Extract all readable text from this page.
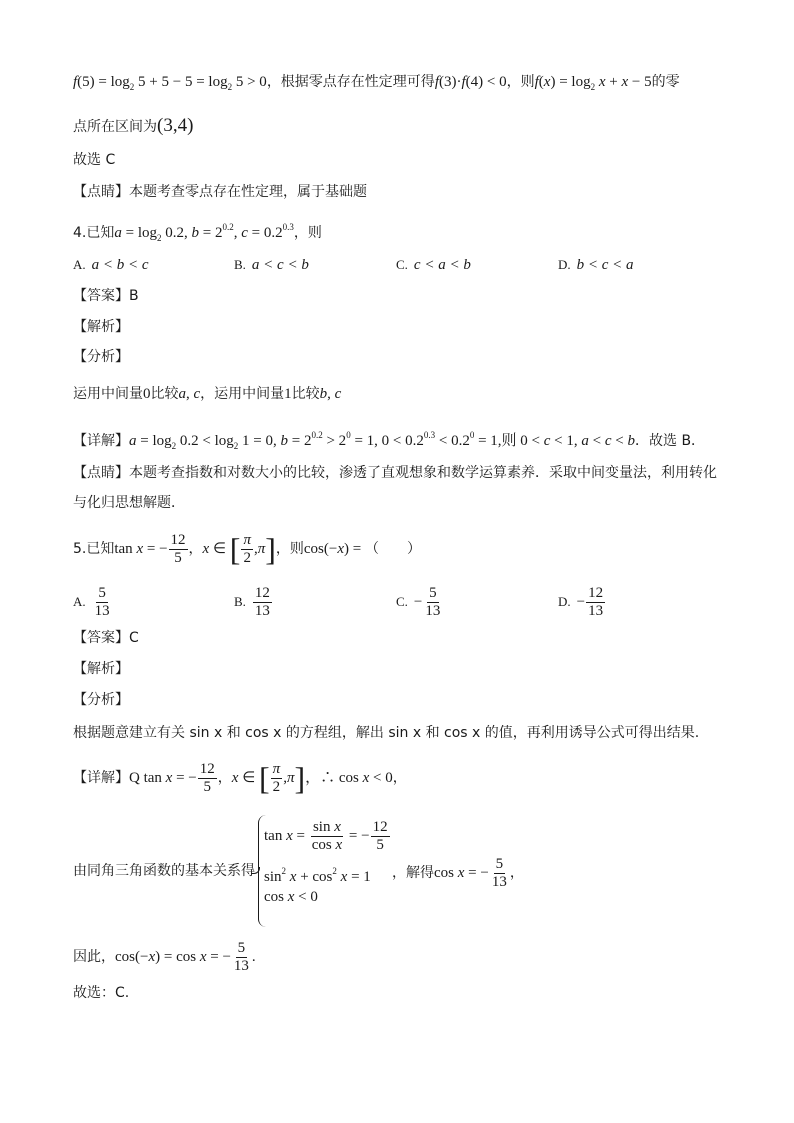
$f(5) = \log_2 5 + 5 - 5 = \log_2 5 > 0$，根据零点存在性定理可得f(3)·f(4) < 0，则$f(x) = \log_2 x + x - 5$的零
点所在区间为(3,4)
故选 C
【点睛】本题考查零点存在性定理，属于基础题
4.已知$a = \log_2 0.2$, $b = 2^{0.2}$, $c = 0.2^{0.3}$，则
A. a < b < c	B. a < c < b	C. c < a < b	D. b < c < a
【答案】B
【解析】
【分析】
运用中间量0比较a, c，运用中间量1比较b, c
【详解】$a = \log_2 0.2 < \log_2 1 = 0$, $b = 2^{0.2} > 2^0 = 1$, $0 < 0.2^{0.3} < 0.2^0 = 1$,则 0 < c < 1, a < c < b．故选 B．
【点睛】本题考查指数和对数大小的比较，渗透了直观想象和数学运算素养．采取中间变量法，利用转化
与化归思想解题．
5.已知tan x = − $\frac{12}{5}$ ，x ∈ [ $\frac{\pi}{2} ,\pi$]，则cos(−x) = （　　）
A. $\frac{5}{13}$	B. $\frac{12}{13}$	C. − $\frac{5}{13}$	D. − $\frac{12}{13}$
【答案】C
【解析】
【分析】
根据题意建立有关 sin x 和 cos x 的方程组，解出 sin x 和 cos x 的值，再利用诱导公式可得出结果.
【详解】Q tan x = − $\frac{12}{5}$ ，x ∈ [ $\frac{\pi}{2} ,\pi$]，∴ cos x < 0，
由同角三角函数的基本关系得
$\tan x = \frac{\text{sin x}}{\text{cos x}}$ = − $\frac{12}{5}$
$\sin^2 x + \cos^2 x = 1$
cos x < 0
，解得cos x = − $\frac{5}{13}$ ，
因此，cos(−x) = cos x = − $\frac{5}{13}$ .
故选：C.
